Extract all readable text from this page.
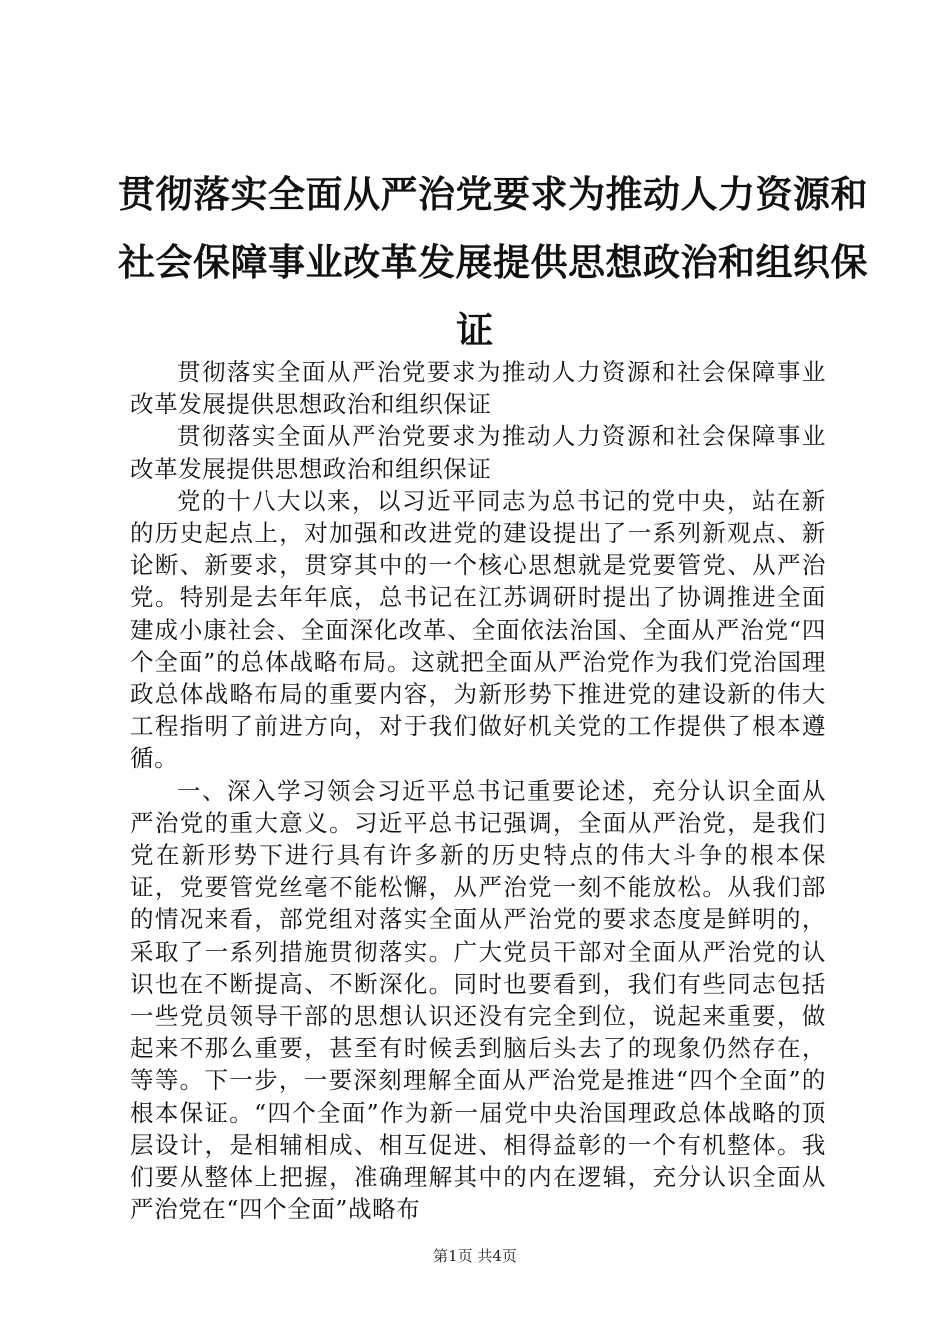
贯彻落实全面从严治党要求为推动人力资源和
社会保障事业改革发展提供思想政治和组织保
证

贯彻落实全面从严治党要求为推动人力资源和社会保障事业改革发展提供思想政治和组织保证

贯彻落实全面从严治党要求为推动人力资源和社会保障事业改革发展提供思想政治和组织保证

党的十八大以来，以习近平同志为总书记的党中央，站在新的历史起点上，对加强和改进党的建设提出了一系列新观点、新论断、新要求，贯穿其中的一个核心思想就是党要管党、从严治党。特别是去年年底，总书记在江苏调研时提出了协调推进全面建成小康社会、全面深化改革、全面依法治国、全面从严治党“四个全面”的总体战略布局。这就把全面从严治党作为我们党治国理政总体战略布局的重要内容，为新形势下推进党的建设新的伟大工程指明了前进方向，对于我们做好机关党的工作提供了根本遵循。

一、深入学习领会习近平总书记重要论述，充分认识全面从严治党的重大意义。习近平总书记强调，全面从严治党，是我们党在新形势下进行具有许多新的历史特点的伟大斗争的根本保证，党要管党丝毫不能松懈，从严治党一刻不能放松。从我们部的情况来看，部党组对落实全面从严治党的要求态度是鲜明的，采取了一系列措施贯彻落实。广大党员干部对全面从严治党的认识也在不断提高、不断深化。同时也要看到，我们有些同志包括一些党员领导干部的思想认识还没有完全到位，说起来重要，做起来不那么重要，甚至有时候丢到脑后头去了的现象仍然存在，等等。下一步，一要深刻理解全面从严治党是推进“四个全面”的根本保证。“四个全面”作为新一届党中央治国理政总体战略的顶层设计，是相辅相成、相互促进、相得益彰的一个有机整体。我们要从整体上把握，准确理解其中的内在逻辑，充分认识全面从严治党在“四个全面”战略布

第1页 共4页
